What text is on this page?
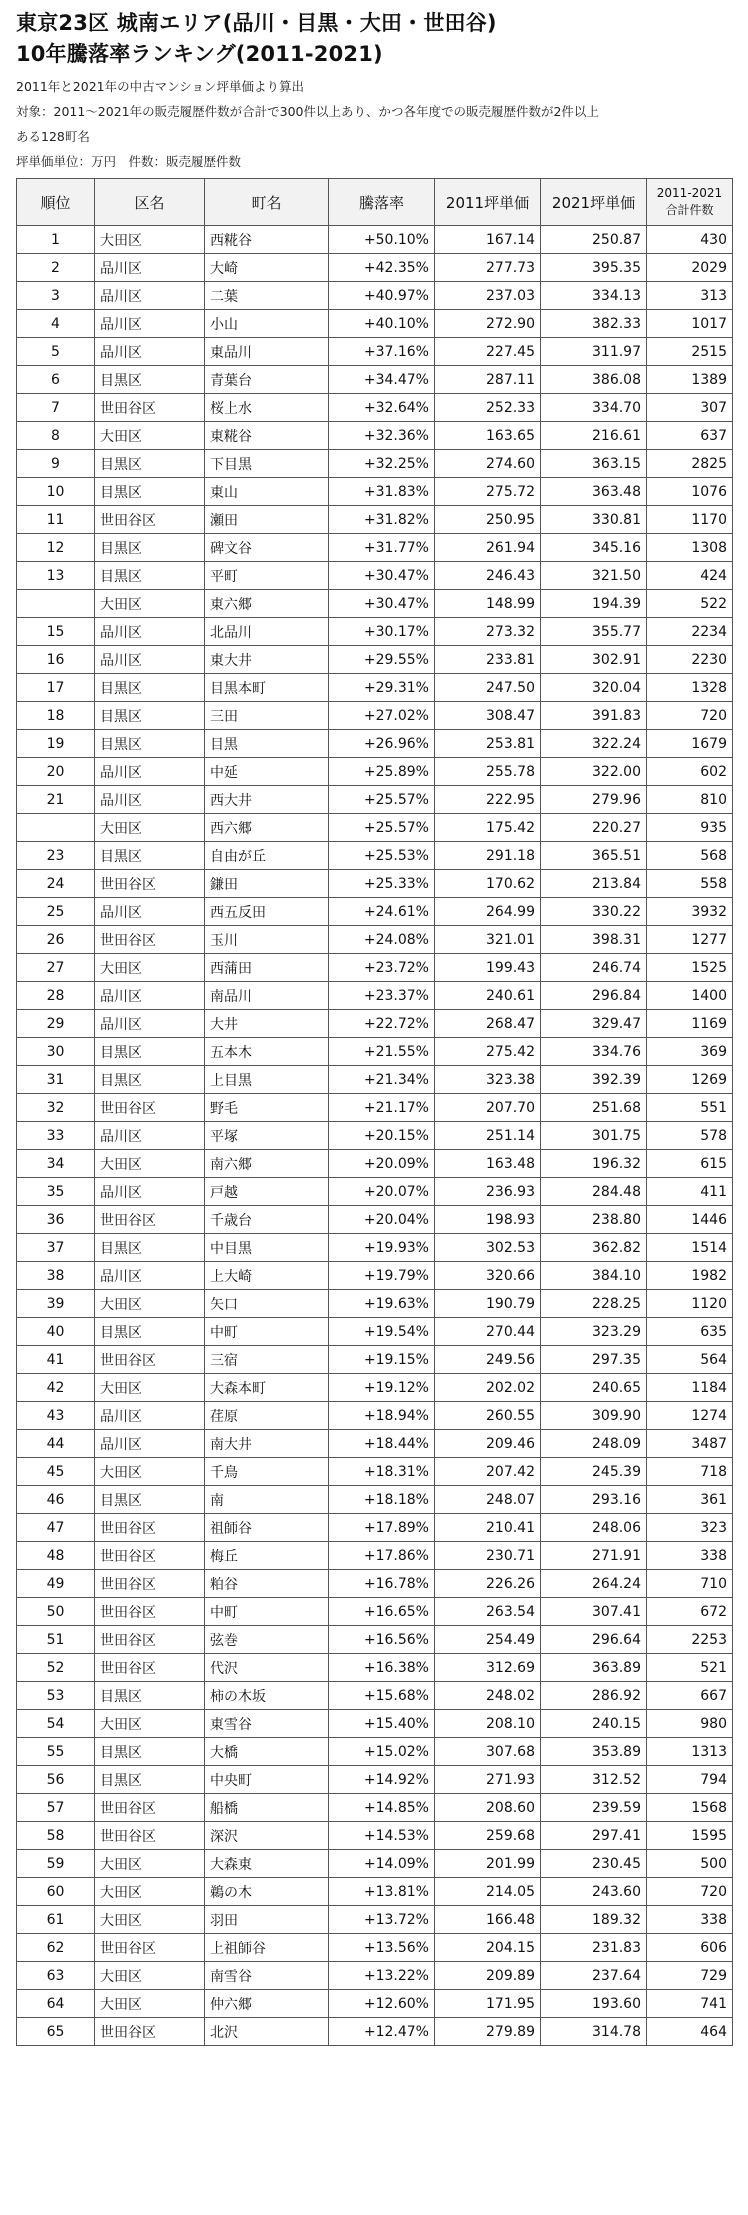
東京23区 城南エリア(品川・目黒・大田・世田谷)
10年騰落率ランキング(2011-2021)
2011年と2021年の中古マンション坪単価より算出
対象：2011～2021年の販売履歴件数が合計で300件以上あり、かつ各年度での販売履歴件数が2件以上
ある128町名
坪単価単位：万円　件数：販売履歴件数
順位	区名	町名	騰落率	2011坪単価	2021坪単価	2011-2021 合計件数
1	大田区	西糀谷	+50.10%	167.14	250.87	430
2	品川区	大崎	+42.35%	277.73	395.35	2029
3	品川区	二葉	+40.97%	237.03	334.13	313
4	品川区	小山	+40.10%	272.90	382.33	1017
5	品川区	東品川	+37.16%	227.45	311.97	2515
6	目黒区	青葉台	+34.47%	287.11	386.08	1389
7	世田谷区	桜上水	+32.64%	252.33	334.70	307
8	大田区	東糀谷	+32.36%	163.65	216.61	637
9	目黒区	下目黒	+32.25%	274.60	363.15	2825
10	目黒区	東山	+31.83%	275.72	363.48	1076
11	世田谷区	瀬田	+31.82%	250.95	330.81	1170
12	目黒区	碑文谷	+31.77%	261.94	345.16	1308
13	目黒区	平町	+30.47%	246.43	321.50	424
	大田区	東六郷	+30.47%	148.99	194.39	522
15	品川区	北品川	+30.17%	273.32	355.77	2234
16	品川区	東大井	+29.55%	233.81	302.91	2230
17	目黒区	目黒本町	+29.31%	247.50	320.04	1328
18	目黒区	三田	+27.02%	308.47	391.83	720
19	目黒区	目黒	+26.96%	253.81	322.24	1679
20	品川区	中延	+25.89%	255.78	322.00	602
21	品川区	西大井	+25.57%	222.95	279.96	810
	大田区	西六郷	+25.57%	175.42	220.27	935
23	目黒区	自由が丘	+25.53%	291.18	365.51	568
24	世田谷区	鎌田	+25.33%	170.62	213.84	558
25	品川区	西五反田	+24.61%	264.99	330.22	3932
26	世田谷区	玉川	+24.08%	321.01	398.31	1277
27	大田区	西蒲田	+23.72%	199.43	246.74	1525
28	品川区	南品川	+23.37%	240.61	296.84	1400
29	品川区	大井	+22.72%	268.47	329.47	1169
30	目黒区	五本木	+21.55%	275.42	334.76	369
31	目黒区	上目黒	+21.34%	323.38	392.39	1269
32	世田谷区	野毛	+21.17%	207.70	251.68	551
33	品川区	平塚	+20.15%	251.14	301.75	578
34	大田区	南六郷	+20.09%	163.48	196.32	615
35	品川区	戸越	+20.07%	236.93	284.48	411
36	世田谷区	千歳台	+20.04%	198.93	238.80	1446
37	目黒区	中目黒	+19.93%	302.53	362.82	1514
38	品川区	上大崎	+19.79%	320.66	384.10	1982
39	大田区	矢口	+19.63%	190.79	228.25	1120
40	目黒区	中町	+19.54%	270.44	323.29	635
41	世田谷区	三宿	+19.15%	249.56	297.35	564
42	大田区	大森本町	+19.12%	202.02	240.65	1184
43	品川区	荏原	+18.94%	260.55	309.90	1274
44	品川区	南大井	+18.44%	209.46	248.09	3487
45	大田区	千鳥	+18.31%	207.42	245.39	718
46	目黒区	南	+18.18%	248.07	293.16	361
47	世田谷区	祖師谷	+17.89%	210.41	248.06	323
48	世田谷区	梅丘	+17.86%	230.71	271.91	338
49	世田谷区	粕谷	+16.78%	226.26	264.24	710
50	世田谷区	中町	+16.65%	263.54	307.41	672
51	世田谷区	弦巻	+16.56%	254.49	296.64	2253
52	世田谷区	代沢	+16.38%	312.69	363.89	521
53	目黒区	柿の木坂	+15.68%	248.02	286.92	667
54	大田区	東雪谷	+15.40%	208.10	240.15	980
55	目黒区	大橋	+15.02%	307.68	353.89	1313
56	目黒区	中央町	+14.92%	271.93	312.52	794
57	世田谷区	船橋	+14.85%	208.60	239.59	1568
58	世田谷区	深沢	+14.53%	259.68	297.41	1595
59	大田区	大森東	+14.09%	201.99	230.45	500
60	大田区	鵜の木	+13.81%	214.05	243.60	720
61	大田区	羽田	+13.72%	166.48	189.32	338
62	世田谷区	上祖師谷	+13.56%	204.15	231.83	606
63	大田区	南雪谷	+13.22%	209.89	237.64	729
64	大田区	仲六郷	+12.60%	171.95	193.60	741
65	世田谷区	北沢	+12.47%	279.89	314.78	464
